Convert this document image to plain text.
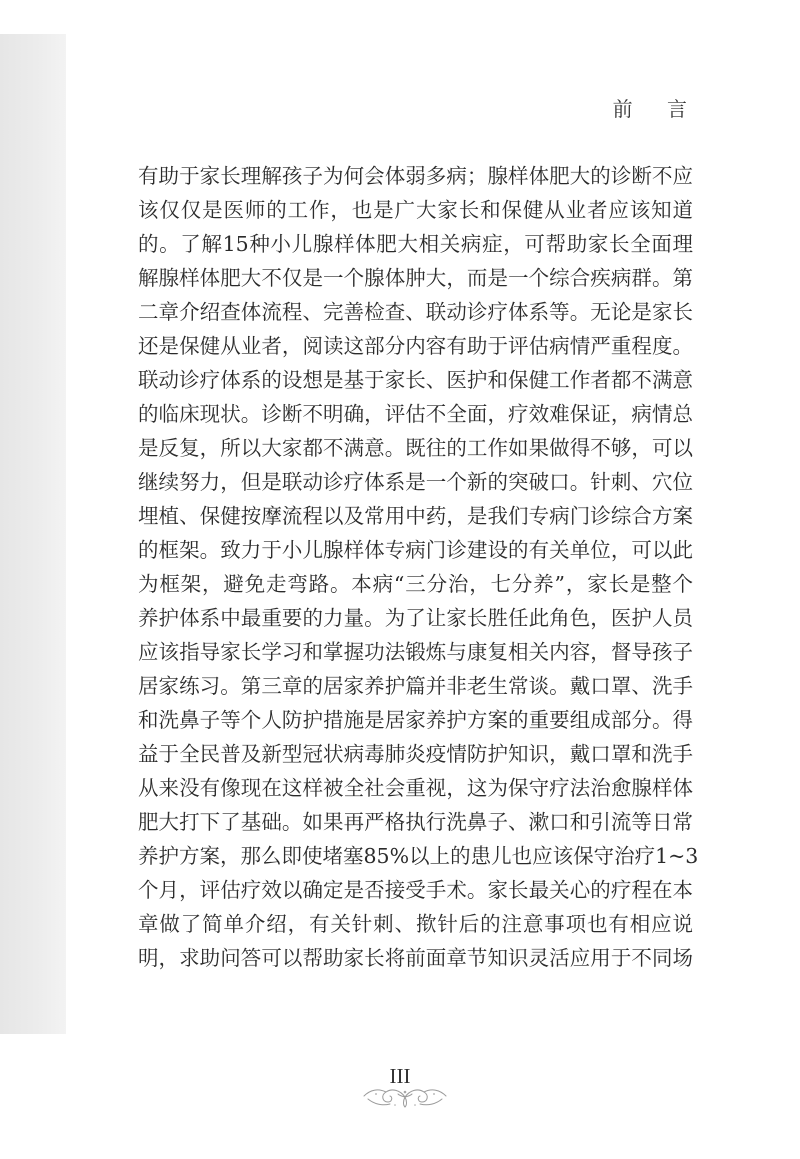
前 言
有助于家长理解孩子为何会体弱多病；腺样体肥大的诊断不应
该仅仅是医师的工作，也是广大家长和保健从业者应该知道
的。了解15种小儿腺样体肥大相关病症，可帮助家长全面理
解腺样体肥大不仅是一个腺体肿大，而是一个综合疾病群。第
二章介绍查体流程、完善检查、联动诊疗体系等。无论是家长
还是保健从业者，阅读这部分内容有助于评估病情严重程度。
联动诊疗体系的设想是基于家长、医护和保健工作者都不满意
的临床现状。诊断不明确，评估不全面，疗效难保证，病情总
是反复，所以大家都不满意。既往的工作如果做得不够，可以
继续努力，但是联动诊疗体系是一个新的突破口。针刺、穴位
埋植、保健按摩流程以及常用中药，是我们专病门诊综合方案
的框架。致力于小儿腺样体专病门诊建设的有关单位，可以此
为框架，避免走弯路。本病“三分治，七分养”，家长是整个
养护体系中最重要的力量。为了让家长胜任此角色，医护人员
应该指导家长学习和掌握功法锻炼与康复相关内容，督导孩子
居家练习。第三章的居家养护篇并非老生常谈。戴口罩、洗手
和洗鼻子等个人防护措施是居家养护方案的重要组成部分。得
益于全民普及新型冠状病毒肺炎疫情防护知识，戴口罩和洗手
从来没有像现在这样被全社会重视，这为保守疗法治愈腺样体
肥大打下了基础。如果再严格执行洗鼻子、漱口和引流等日常
养护方案，那么即使堵塞85%以上的患儿也应该保守治疗1~3
个月，评估疗效以确定是否接受手术。家长最关心的疗程在本
章做了简单介绍，有关针刺、揿针后的注意事项也有相应说
明，求助问答可以帮助家长将前面章节知识灵活应用于不同场
III
